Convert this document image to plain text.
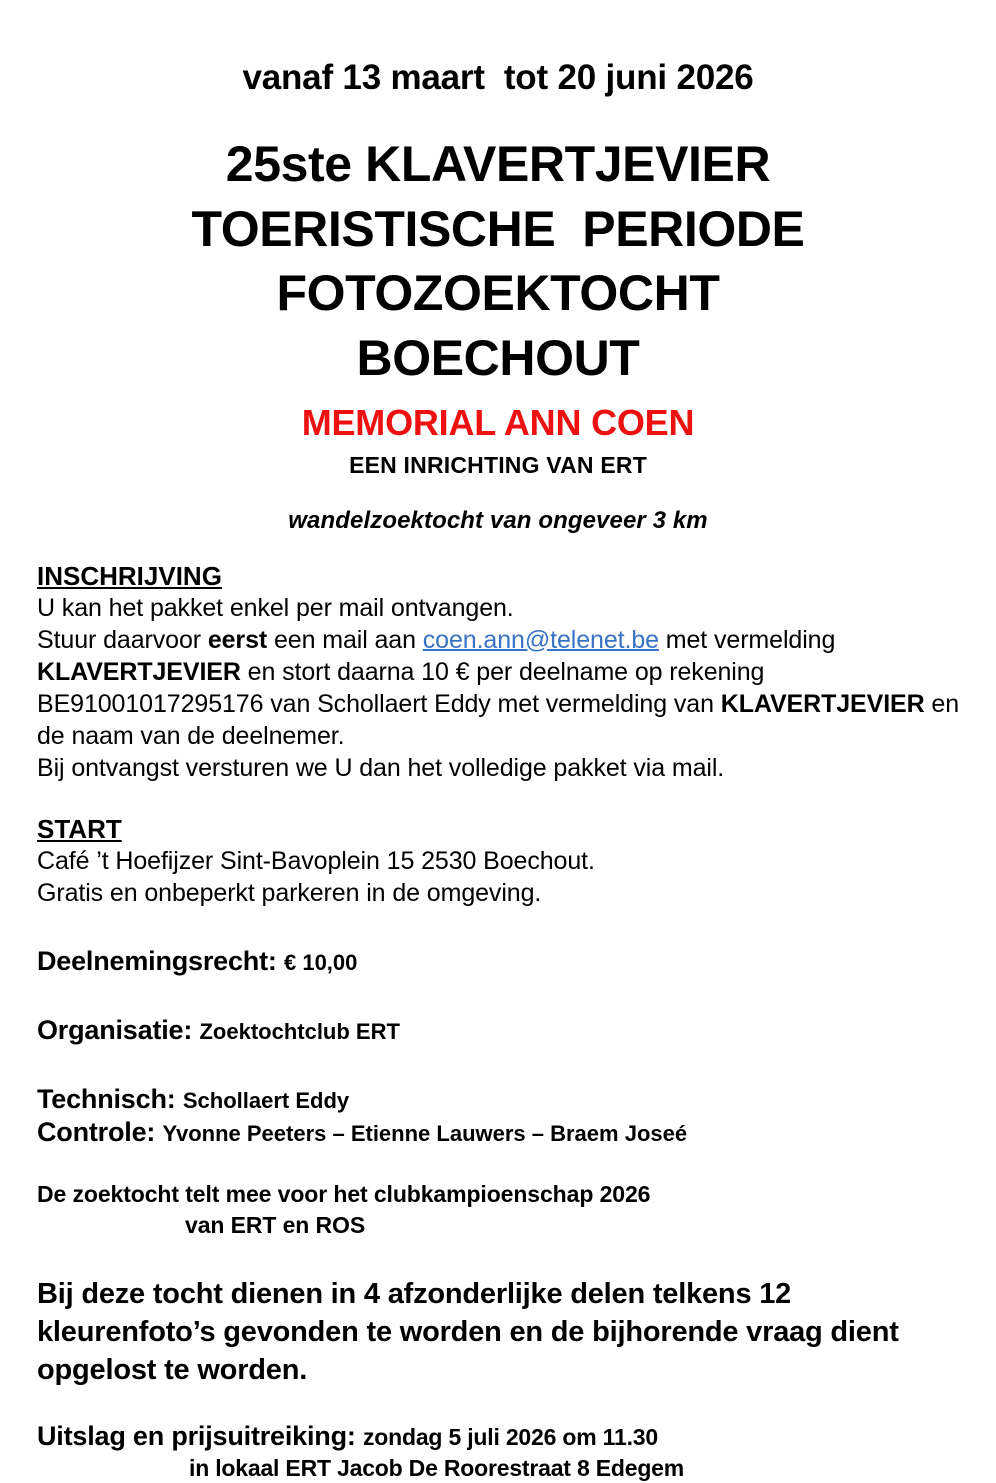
vanaf 13 maart  tot 20 juni 2026
25ste KLAVERTJEVIER
TOERISTISCHE  PERIODE
FOTOZOEKTOCHT
BOECHOUT
MEMORIAL ANN COEN
EEN INRICHTING VAN ERT
wandelzoektocht van ongeveer 3 km
INSCHRIJVING
U kan het pakket enkel per mail ontvangen.
Stuur daarvoor eerst een mail aan coen.ann@telenet.be met vermelding
KLAVERTJEVIER en stort daarna 10 € per deelname op rekening
BE91001017295176 van Schollaert Eddy met vermelding van KLAVERTJEVIER en
de naam van de deelnemer.
Bij ontvangst versturen we U dan het volledige pakket via mail.
START
Café ’t Hoefijzer Sint-Bavoplein 15 2530 Boechout.
Gratis en onbeperkt parkeren in de omgeving.
Deelnemingsrecht: € 10,00
Organisatie: Zoektochtclub ERT
Technisch: Schollaert Eddy
Controle: Yvonne Peeters – Etienne Lauwers – Braem Joseé
De zoektocht telt mee voor het clubkampioenschap 2026
van ERT en ROS
Bij deze tocht dienen in 4 afzonderlijke delen telkens 12 kleurenfoto’s gevonden te worden en de bijhorende vraag dient opgelost te worden.
Uitslag en prijsuitreiking: zondag 5 juli 2026 om 11.30
in lokaal ERT Jacob De Roorestraat 8 Edegem
